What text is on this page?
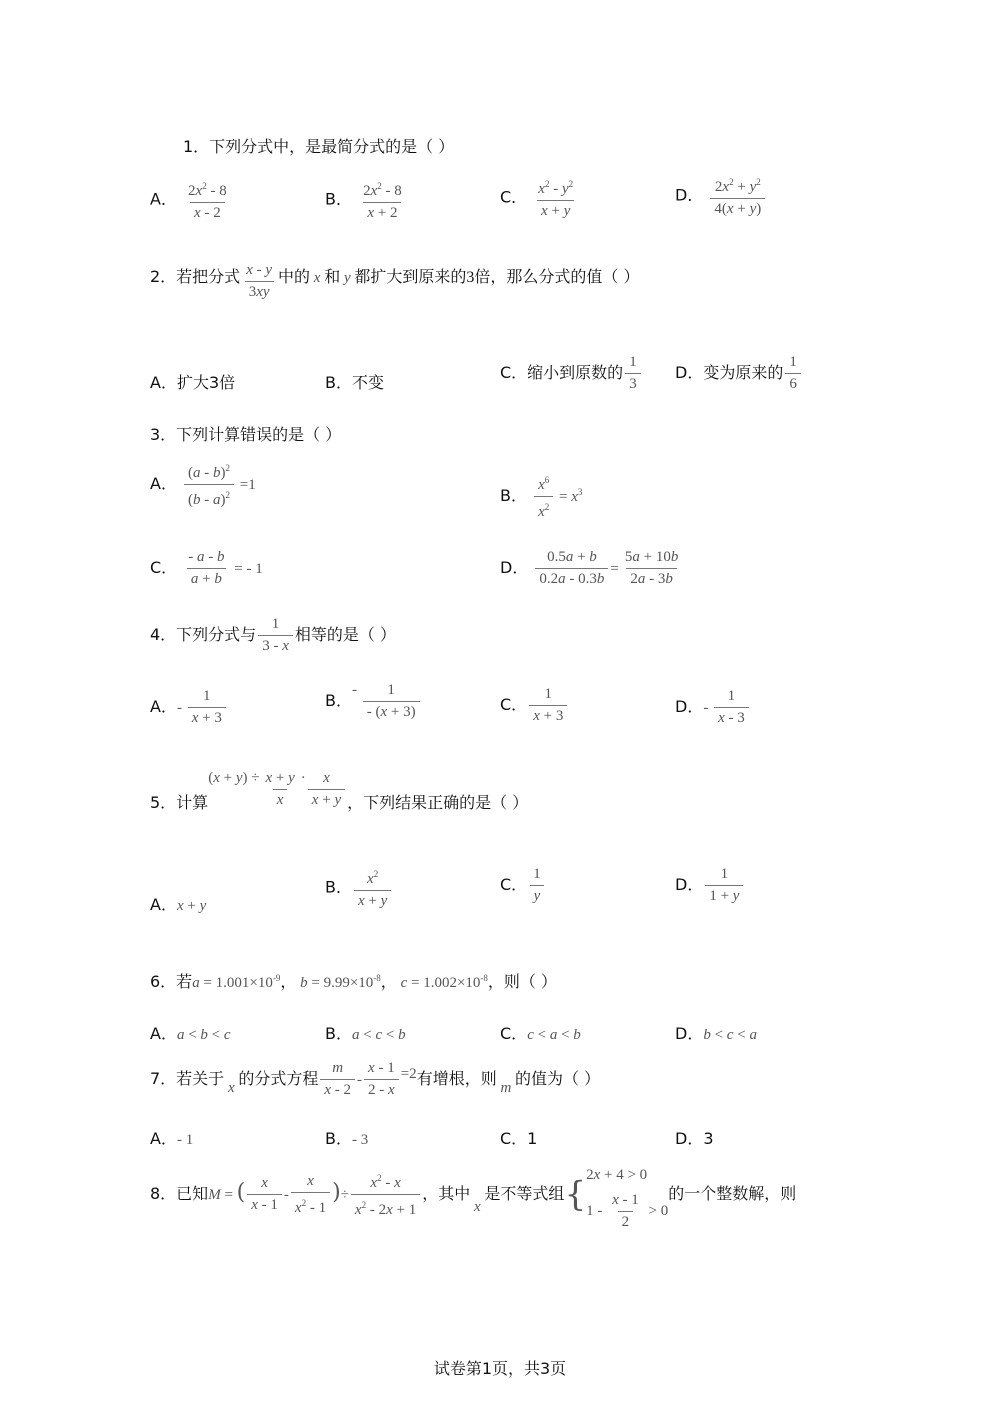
1．下列分式中，是最简分式的是（ ）
A． $\frac{2x^2 - 8}{x - 2}$	B． $\frac{2x^2 - 8}{x + 2}$	C． $\frac{x^2 - y^2}{x + y}$	D． $\frac{2x^2 + y^2}{4(x + y)}$
2．若把分式 $\frac{x - y}{3xy}$ 中的 x 和 y 都扩大到原来的3倍，那么分式的值（ ）
A．扩大3倍	B．不变
C．缩小到原数的 $\frac{1}{3}$ D．变为原来的 $\frac{1}{6}$
3．下列计算错误的是（ ）
A． $\frac{(a - b)^2}{(b - a)^2} =1$
B． $\frac{x^6}{x^2} = x^3$
C． $\frac{- a - b}{a + b}$ = - 1	D． $\frac{0.5a + b}{0.2a - 0.3b} = \frac{5a + 10b}{2a - 3b}$
4．下列分式与 $\frac{1}{3 - x}$ 相等的是（ ）
A．- $\frac{1}{x + 3}$	B．- $\frac{1}{- (x + 3)}$	C． $\frac{1}{x + 3}$	D．- $\frac{1}{x - 3}$
5．计算$(x + y) \div \frac{x + y}{x} \cdot \frac{x}{x + y}$ ，下列结果正确的是（ ）
A．x + y
B． $\frac{x^2}{x + y}$	C． $\frac{1}{y}$	D． $\frac{1}{1 + y}$
6．若$a = 1.001\times 10^{-9}$， $b = 9.99\times 10^{-8}$， $c = 1.002\times 10^{-8}$，则（ ）
A．a < b < c	B．a < c < b	C．c < a < b	D．b < c < a
7．若关于 x 的分式方程 $\frac{m}{x - 2} - \frac{x - 1}{2 - x} =2$有增根，则 m 的值为（ ）
A．- 1	B．- 3	C．1	D．3
8．已知M = ( $\frac{x}{x - 1} - \frac{x}{x^2 - 1}$ )÷ $\frac{x^2 - x}{x^2 - 2x + 1}$ ，其中 x 是不等式组{ 2x + 4 > 0
$1 - \frac{x - 1}{2} > 0$
的一个整数解，则
试卷第1页，共3页
